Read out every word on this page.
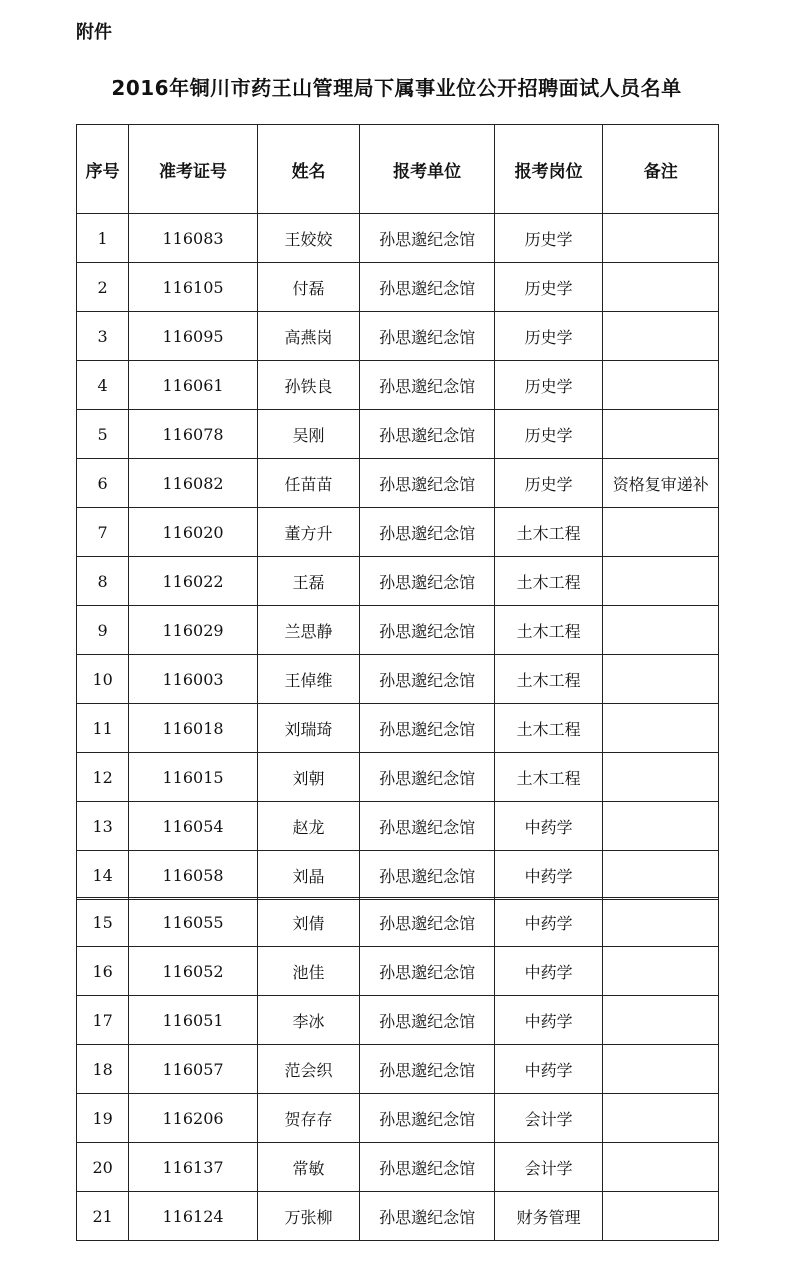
附件
2016年铜川市药王山管理局下属事业位公开招聘面试人员名单
序号	准考证号	姓名	报考单位	报考岗位	备注
1	116083	王姣姣	孙思邈纪念馆	历史学	
2	116105	付磊	孙思邈纪念馆	历史学	
3	116095	高燕岗	孙思邈纪念馆	历史学	
4	116061	孙铁良	孙思邈纪念馆	历史学	
5	116078	吴刚	孙思邈纪念馆	历史学	
6	116082	任苗苗	孙思邈纪念馆	历史学	资格复审递补
7	116020	董方升	孙思邈纪念馆	土木工程	
8	116022	王磊	孙思邈纪念馆	土木工程	
9	116029	兰思静	孙思邈纪念馆	土木工程	
10	116003	王倬维	孙思邈纪念馆	土木工程	
11	116018	刘瑞琦	孙思邈纪念馆	土木工程	
12	116015	刘朝	孙思邈纪念馆	土木工程	
13	116054	赵龙	孙思邈纪念馆	中药学	
14	116058	刘晶	孙思邈纪念馆	中药学	
15	116055	刘倩	孙思邈纪念馆	中药学	
16	116052	池佳	孙思邈纪念馆	中药学	
17	116051	李冰	孙思邈纪念馆	中药学	
18	116057	范会织	孙思邈纪念馆	中药学	
19	116206	贺存存	孙思邈纪念馆	会计学	
20	116137	常敏	孙思邈纪念馆	会计学	
21	116124	万张柳	孙思邈纪念馆	财务管理	
